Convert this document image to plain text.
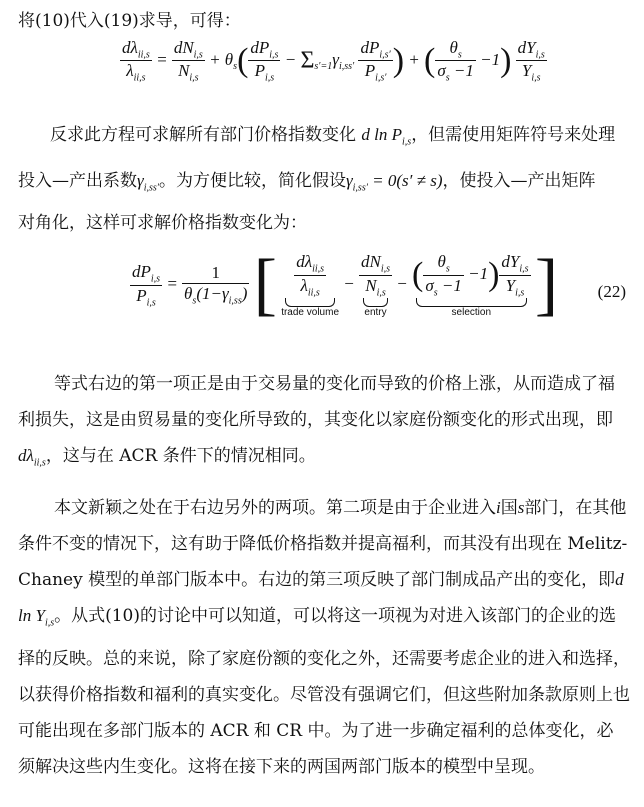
将(10)代入(19)求导，可得：
$\frac{d\lambda_{ii,s}}{\lambda_{ii,s}} = \frac{dN_{i,s}}{N_{i,s}} + \theta_s( \frac{dP_{i,s}}{P_{i,s}} - \Sigma_{s'=1}\gamma_{i,ss'} \frac{dP_{i,s'}}{P_{i,s'}}$ ) + ( $\frac{\theta_s}{\sigma_s -1} -1) \frac{dY_{i,s}}{Y_{i,s}}$
反求此方程可求解所有部门价格指数变化 d $\ln P_{i,s}$，但需使用矩阵符号来处理
投入—产出系数$\gamma_{i,ss'}$。为方便比较，简化假设$\gamma_{i,ss'} = 0(s' \ne s)$，使投入—产出矩阵
对角化，这样可求解价格指数变化为：
$\frac{dP_{i,s}}{P_{i,s}} = \frac{1}{\theta_s(1-\gamma_{i,ss})}$ [ $\frac{d\lambda_{ii,s}}{\lambda_{ii,s}}$
trade volume
− $\frac{dN_{i,s}}{N_{i,s}}$
entry
− ( $\frac{\theta_s}{\sigma_s -1} -1) \frac{dY_{i,s}}{Y_{i,s}}$
selection ] (22)
等式右边的第一项正是由于交易量的变化而导致的价格上涨，从而造成了福利损失，这是由贸易量的变化所导致的，其变化以家庭份额变化的形式出现，即 $d\lambda_{ii,s}$，这与在 ACR 条件下的情况相同。
本文新颖之处在于右边另外的两项。第二项是由于企业进入i国s部门，在其他条件不变的情况下，这有助于降低价格指数并提高福利，而其没有出现在 Melitz-Chaney 模型的单部门版本中。右边的第三项反映了部门制成品产出的变化，即d $\ln Y_{i,s}$。从式(10)的讨论中可以知道，可以将这一项视为对进入该部门的企业的选择的反映。总的来说，除了家庭份额的变化之外，还需要考虑企业的进入和选择，以获得价格指数和福利的真实变化。尽管没有强调它们，但这些附加条款原则上也可能出现在多部门版本的 ACR 和 CR 中。为了进一步确定福利的总体变化，必须解决这些内生变化。这将在接下来的两国两部门版本的模型中呈现。
